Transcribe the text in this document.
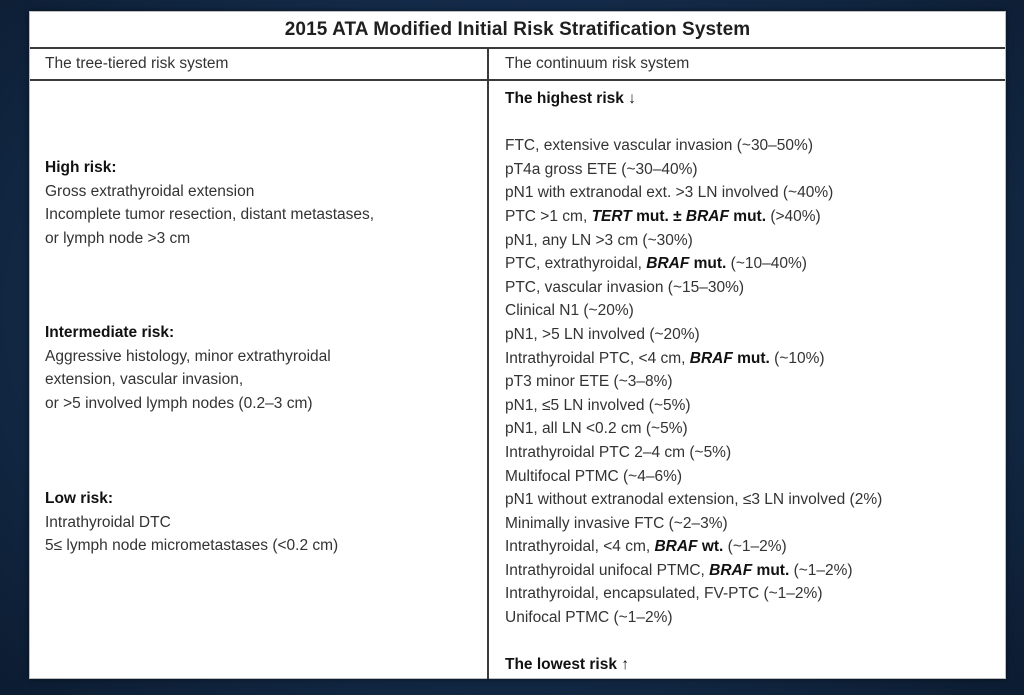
2015 ATA Modified Initial Risk Stratification System
The tree-tiered risk system	The continuum risk system
High risk:
Gross extrathyroidal extension
Incomplete tumor resection, distant metastases,
or lymph node >3 cm
Intermediate risk:
Aggressive histology, minor extrathyroidal
extension, vascular invasion,
or >5 involved lymph nodes (0.2–3 cm)
Low risk:
Intrathyroidal DTC
5≤ lymph node micrometastases (<0.2 cm)
The highest risk ↓
FTC, extensive vascular invasion (~30–50%)
pT4a gross ETE (~30–40%)
pN1 with extranodal ext. >3 LN involved (~40%)
PTC >1 cm, TERT mut. ± BRAF mut. (>40%)
pN1, any LN >3 cm (~30%)
PTC, extrathyroidal, BRAF mut. (~10–40%)
PTC, vascular invasion (~15–30%)
Clinical N1 (~20%)
pN1, >5 LN involved (~20%)
Intrathyroidal PTC, <4 cm, BRAF mut. (~10%)
pT3 minor ETE (~3–8%)
pN1, ≤5 LN involved (~5%)
pN1, all LN <0.2 cm (~5%)
Intrathyroidal PTC 2–4 cm (~5%)
Multifocal PTMC (~4–6%)
pN1 without extranodal extension, ≤3 LN involved (2%)
Minimally invasive FTC (~2–3%)
Intrathyroidal, <4 cm, BRAF wt. (~1–2%)
Intrathyroidal unifocal PTMC, BRAF mut. (~1–2%)
Intrathyroidal, encapsulated, FV-PTC (~1–2%)
Unifocal PTMC (~1–2%)
The lowest risk ↑
